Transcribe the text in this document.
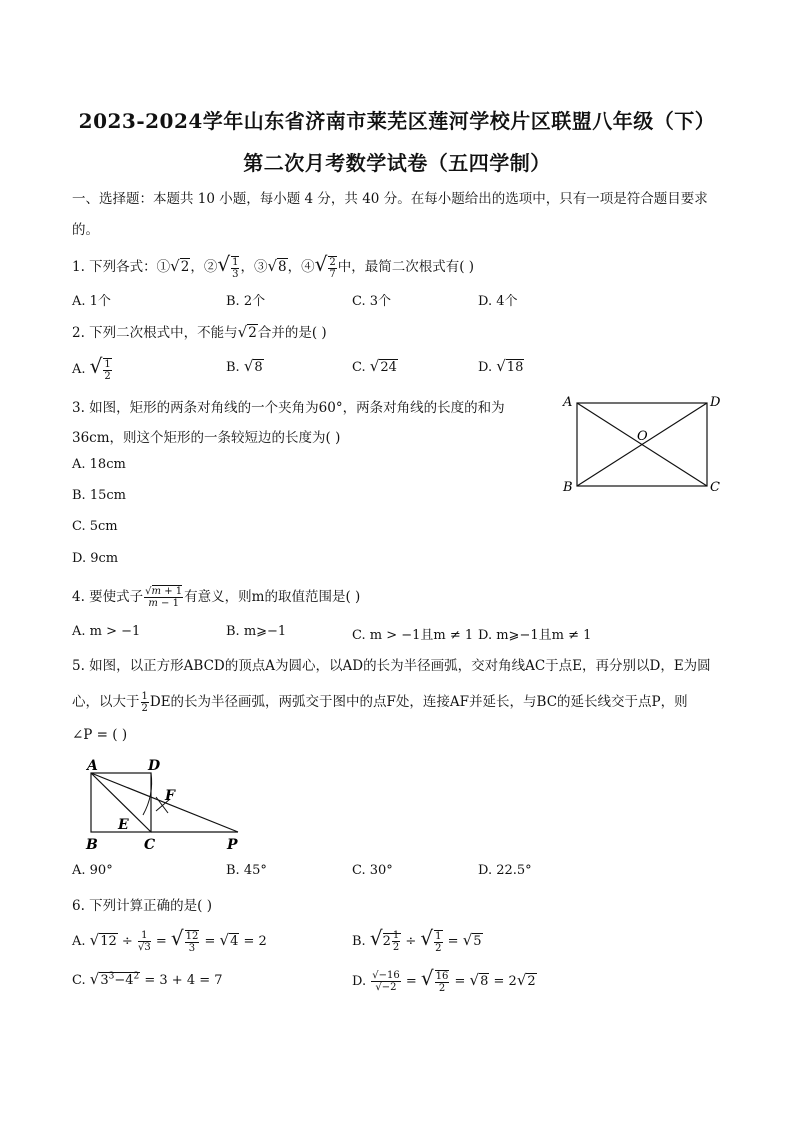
2023-2024学年山东省济南市莱芜区莲河学校片区联盟八年级（下）
第二次月考数学试卷（五四学制）
一、选择题：本题共 10 小题，每小题 4 分，共 40 分。在每小题给出的选项中，只有一项是符合题目要求
的。
1. 下列各式：①√2，②√ $\frac{1}{3}$ ，③√8，④√ $\frac{2}{7}$ 中，最简二次根式有( )
A. 1个	B. 2个	C. 3个	D. 4个
2. 下列二次根式中，不能与√2合并的是( )
A. √ $\frac{1}{2}$	B. √8	C. √24	D. √18
3. 如图，矩形的两条对角线的一个夹角为60°，两条对角线的长度的和为
36cm，则这个矩形的一条较短边的长度为( )
A. 18cm
B. 15cm
C. 5cm
D. 9cm
A	D
O
B	C
4. 要使式子 $\frac{√m + 1}{m - 1}$ 有意义，则m的取值范围是( )
A. m > −1	B. m⩾−1	C. m > −1且m ≠ 1 D. m⩾−1且m ≠ 1
5. 如图，以正方形ABCD的顶点A为圆心，以AD的长为半径画弧，交对角线AC于点E，再分别以D，E为圆
心，以大于 $\frac{1}{2}$ DE的长为半径画弧，两弧交于图中的点F处，连接AF并延长，与BC的延长线交于点P，则
∠P = ( )
A	D
F
E
B	C	P
A. 90°	B. 45°	C. 30°	D. 22.5°
6. 下列计算正确的是( )
A. $√12 \div \frac{1}{√3}$ = √ $\frac{12}{3} = √4 = 2$	B. $√2 \frac{1}{2}$ ÷ √ $\frac{1}{2} = √5$
C. $√3^3-4^2 = 3 + 4 = 7$	D. $\frac{√-16}{√-2}$ = √ $\frac{16}{2} = √8 = 2√2$
